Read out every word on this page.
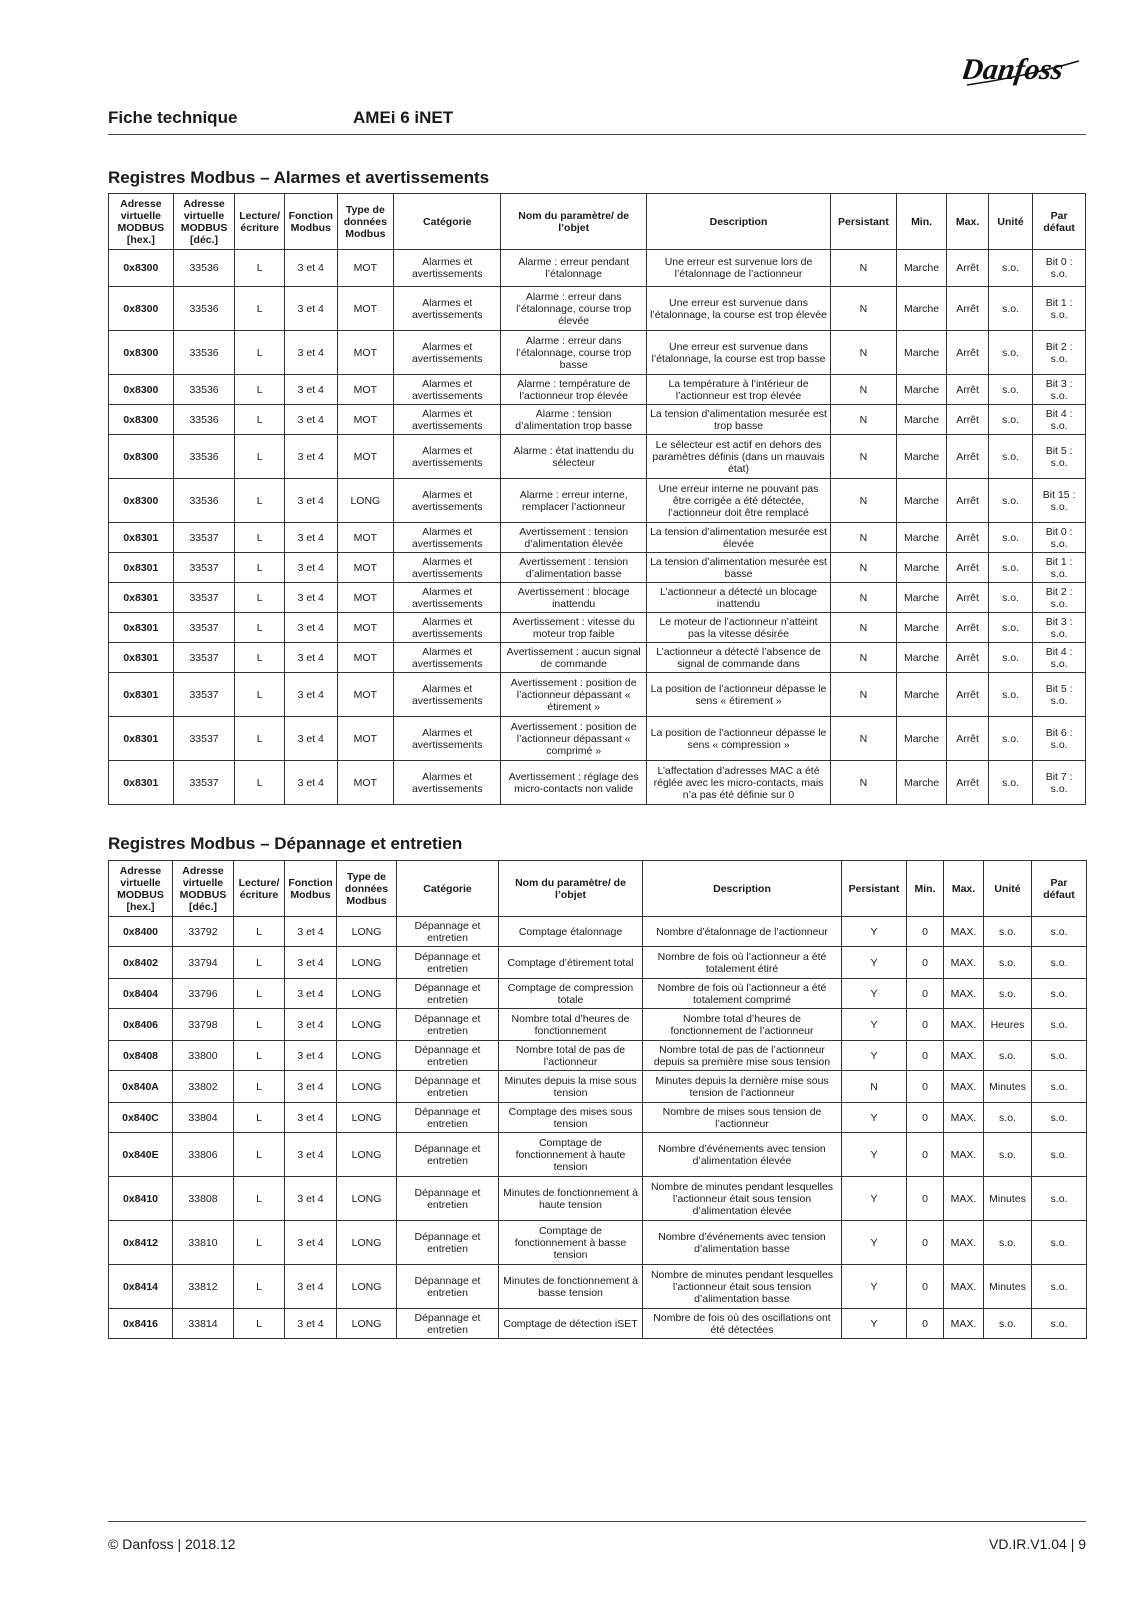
Danfoss
Fiche technique	AMEi 6 iNET
Registres Modbus – Alarmes et avertissements
Adresse virtuelle MODBUS [hex.]	Adresse virtuelle MODBUS [déc.]	Lecture/ écriture	Fonction Modbus	Type de données Modbus	Catégorie	Nom du paramètre/ de l’objet	Description	Persistant	Min.	Max.	Unité	Par défaut
0x8300	33536	L	3 et 4	MOT	Alarmes et avertissements	Alarme : erreur pendant l’étalonnage	Une erreur est survenue lors de l’étalonnage de l’actionneur	N	Marche	Arrêt	s.o.	Bit 0 : s.o.
0x8300	33536	L	3 et 4	MOT	Alarmes et avertissements	Alarme : erreur dans l’étalonnage, course trop élevée	Une erreur est survenue dans l’étalonnage, la course est trop élevée	N	Marche	Arrêt	s.o.	Bit 1 : s.o.
0x8300	33536	L	3 et 4	MOT	Alarmes et avertissements	Alarme : erreur dans l’étalonnage, course trop basse	Une erreur est survenue dans l’étalonnage, la course est trop basse	N	Marche	Arrêt	s.o.	Bit 2 : s.o.
0x8300	33536	L	3 et 4	MOT	Alarmes et avertissements	Alarme : température de l’actionneur trop élevée	La température à l’intérieur de l’actionneur est trop élevée	N	Marche	Arrêt	s.o.	Bit 3 : s.o.
0x8300	33536	L	3 et 4	MOT	Alarmes et avertissements	Alarme : tension d’alimentation trop basse	La tension d’alimentation mesurée est trop basse	N	Marche	Arrêt	s.o.	Bit 4 : s.o.
0x8300	33536	L	3 et 4	MOT	Alarmes et avertissements	Alarme : état inattendu du sélecteur	Le sélecteur est actif en dehors des paramètres définis (dans un mauvais état)	N	Marche	Arrêt	s.o.	Bit 5 : s.o.
0x8300	33536	L	3 et 4	LONG	Alarmes et avertissements	Alarme : erreur interne, remplacer l’actionneur	Une erreur interne ne pouvant pas être corrigée a été détectée, l’actionneur doit être remplacé	N	Marche	Arrêt	s.o.	Bit 15 : s.o.
0x8301	33537	L	3 et 4	MOT	Alarmes et avertissements	Avertissement : tension d’alimentation élevée	La tension d’alimentation mesurée est élevée	N	Marche	Arrêt	s.o.	Bit 0 : s.o.
0x8301	33537	L	3 et 4	MOT	Alarmes et avertissements	Avertissement : tension d’alimentation basse	La tension d’alimentation mesurée est basse	N	Marche	Arrêt	s.o.	Bit 1 : s.o.
0x8301	33537	L	3 et 4	MOT	Alarmes et avertissements	Avertissement : blocage inattendu	L’actionneur a détecté un blocage inattendu	N	Marche	Arrêt	s.o.	Bit 2 : s.o.
0x8301	33537	L	3 et 4	MOT	Alarmes et avertissements	Avertissement : vitesse du moteur trop faible	Le moteur de l’actionneur n’atteint pas la vitesse désirée	N	Marche	Arrêt	s.o.	Bit 3 : s.o.
0x8301	33537	L	3 et 4	MOT	Alarmes et avertissements	Avertissement : aucun signal de commande	L’actionneur a détecté l’absence de signal de commande dans	N	Marche	Arrêt	s.o.	Bit 4 : s.o.
0x8301	33537	L	3 et 4	MOT	Alarmes et avertissements	Avertissement : position de l’actionneur dépassant « étirement »	La position de l’actionneur dépasse le sens « étirement »	N	Marche	Arrêt	s.o.	Bit 5 : s.o.
0x8301	33537	L	3 et 4	MOT	Alarmes et avertissements	Avertissement : position de l’actionneur dépassant « comprimé »	La position de l’actionneur dépasse le sens « compression »	N	Marche	Arrêt	s.o.	Bit 6 : s.o.
0x8301	33537	L	3 et 4	MOT	Alarmes et avertissements	Avertissement : réglage des micro-contacts non valide	L’affectation d’adresses MAC a été réglée avec les micro-contacts, mais n’a pas été définie sur 0	N	Marche	Arrêt	s.o.	Bit 7 : s.o.
Registres Modbus – Dépannage et entretien
Adresse virtuelle MODBUS [hex.]	Adresse virtuelle MODBUS [déc.]	Lecture/ écriture	Fonction Modbus	Type de données Modbus	Catégorie	Nom du paramètre/ de l’objet	Description	Persistant	Min.	Max.	Unité	Par défaut
0x8400	33792	L	3 et 4	LONG	Dépannage et entretien	Comptage étalonnage	Nombre d’étalonnage de l’actionneur	Y	0	MAX.	s.o.	s.o.
0x8402	33794	L	3 et 4	LONG	Dépannage et entretien	Comptage d’étirement total	Nombre de fois où l’actionneur a été totalement étiré	Y	0	MAX.	s.o.	s.o.
0x8404	33796	L	3 et 4	LONG	Dépannage et entretien	Comptage de compression totale	Nombre de fois où l’actionneur a été totalement comprimé	Y	0	MAX.	s.o.	s.o.
0x8406	33798	L	3 et 4	LONG	Dépannage et entretien	Nombre total d’heures de fonctionnement	Nombre total d’heures de fonctionnement de l’actionneur	Y	0	MAX.	Heures	s.o.
0x8408	33800	L	3 et 4	LONG	Dépannage et entretien	Nombre total de pas de l’actionneur	Nombre total de pas de l’actionneur depuis sa première mise sous tension	Y	0	MAX.	s.o.	s.o.
0x840A	33802	L	3 et 4	LONG	Dépannage et entretien	Minutes depuis la mise sous tension	Minutes depuis la dernière mise sous tension de l’actionneur	N	0	MAX.	Minutes	s.o.
0x840C	33804	L	3 et 4	LONG	Dépannage et entretien	Comptage des mises sous tension	Nombre de mises sous tension de l’actionneur	Y	0	MAX.	s.o.	s.o.
0x840E	33806	L	3 et 4	LONG	Dépannage et entretien	Comptage de fonctionnement à haute tension	Nombre d’événements avec tension d’alimentation élevée	Y	0	MAX.	s.o.	s.o.
0x8410	33808	L	3 et 4	LONG	Dépannage et entretien	Minutes de fonctionnement à haute tension	Nombre de minutes pendant lesquelles l’actionneur était sous tension d’alimentation élevée	Y	0	MAX.	Minutes	s.o.
0x8412	33810	L	3 et 4	LONG	Dépannage et entretien	Comptage de fonctionnement à basse tension	Nombre d’événements avec tension d’alimentation basse	Y	0	MAX.	s.o.	s.o.
0x8414	33812	L	3 et 4	LONG	Dépannage et entretien	Minutes de fonctionnement à basse tension	Nombre de minutes pendant lesquelles l’actionneur était sous tension d’alimentation basse	Y	0	MAX.	Minutes	s.o.
0x8416	33814	L	3 et 4	LONG	Dépannage et entretien	Comptage de détection iSET	Nombre de fois où des oscillations ont été détectées	Y	0	MAX.	s.o.	s.o.
© Danfoss | 2018.12	VD.IR.V1.04 | 9
